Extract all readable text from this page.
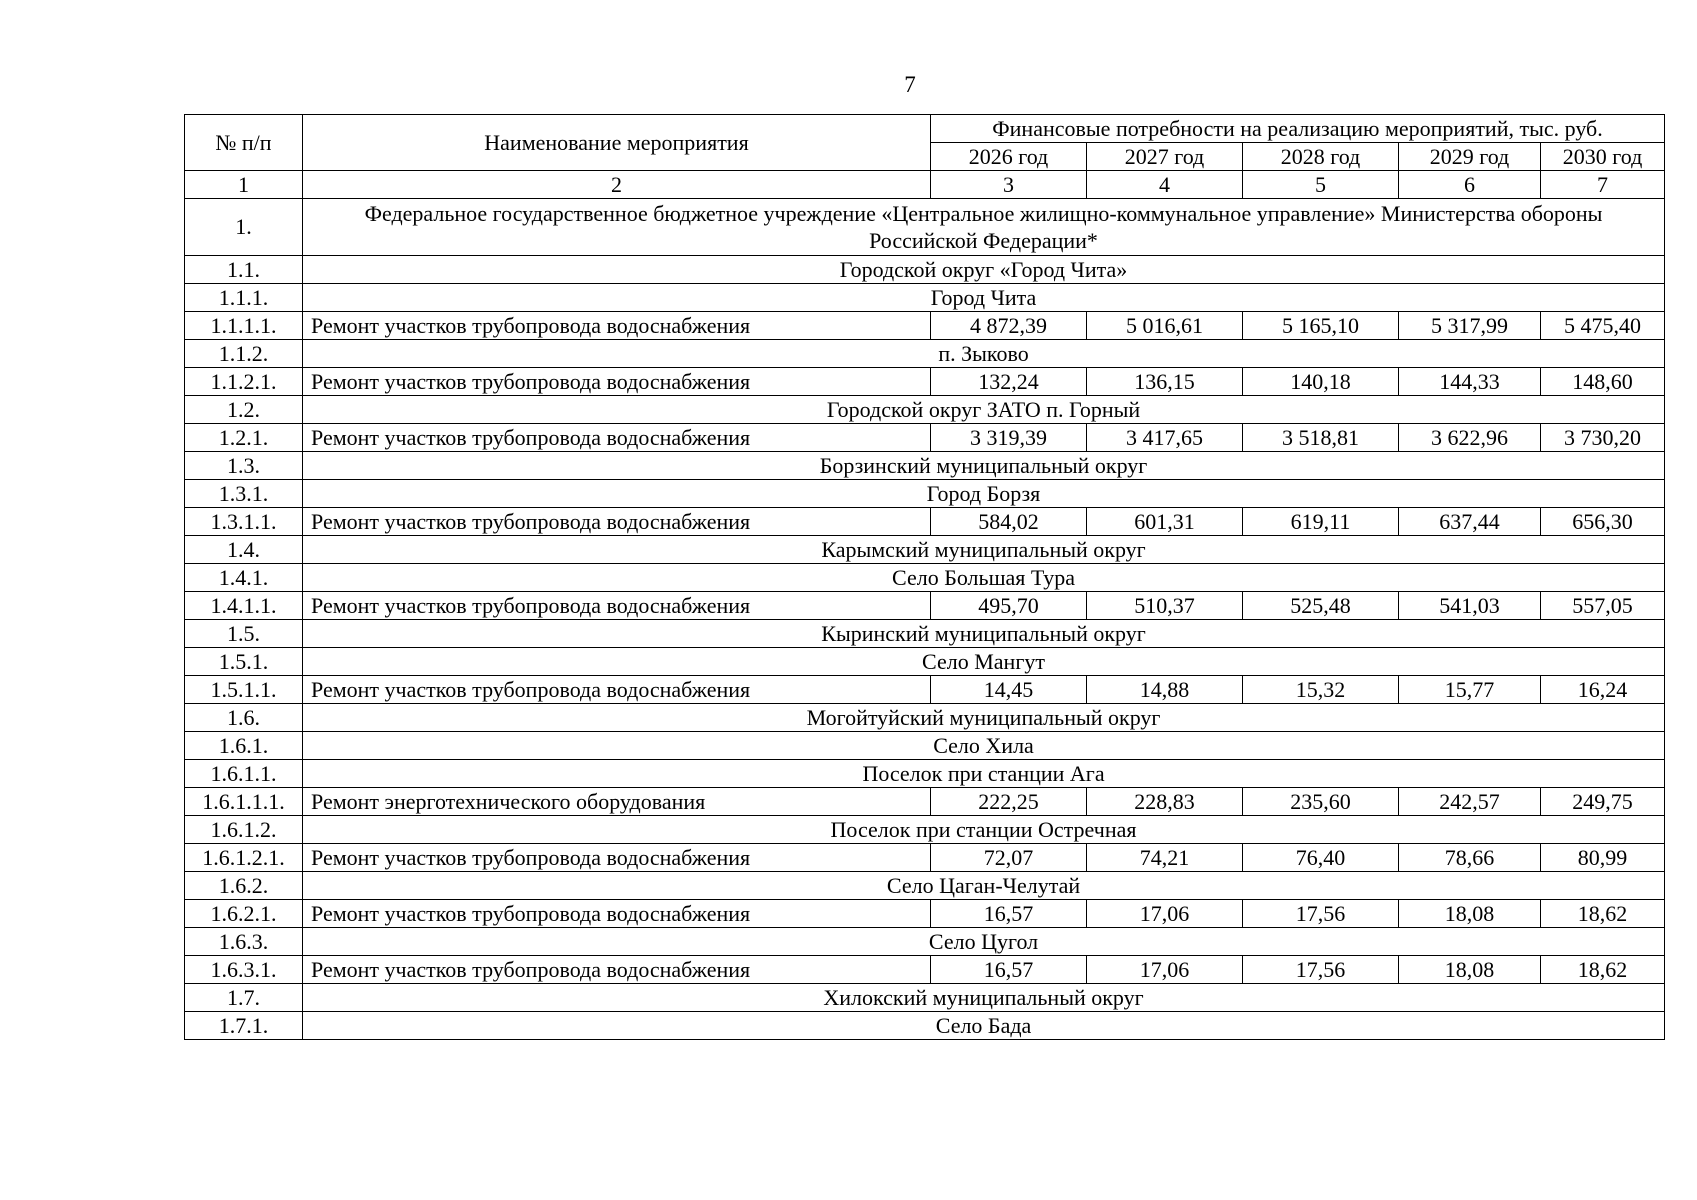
7
№ п/п	Наименование мероприятия	Финансовые потребности на реализацию мероприятий, тыс. руб.				
		2026 год	2027 год	2028 год	2029 год	2030 год
1	2	3	4	5	6	7
1.	Федеральное государственное бюджетное учреждение «Центральное жилищно-коммунальное управление» Министерства обороны Российской Федерации*					
1.1.	Городской округ «Город Чита»					
1.1.1.	Город Чита					
1.1.1.1.	Ремонт участков трубопровода водоснабжения	4 872,39	5 016,61	5 165,10	5 317,99	5 475,40
1.1.2.	п. Зыково					
1.1.2.1.	Ремонт участков трубопровода водоснабжения	132,24	136,15	140,18	144,33	148,60
1.2.	Городской округ ЗАТО п. Горный					
1.2.1.	Ремонт участков трубопровода водоснабжения	3 319,39	3 417,65	3 518,81	3 622,96	3 730,20
1.3.	Борзинский муниципальный округ					
1.3.1.	Город Борзя					
1.3.1.1.	Ремонт участков трубопровода водоснабжения	584,02	601,31	619,11	637,44	656,30
1.4.	Карымский муниципальный округ					
1.4.1.	Село Большая Тура					
1.4.1.1.	Ремонт участков трубопровода водоснабжения	495,70	510,37	525,48	541,03	557,05
1.5.	Кыринский муниципальный округ					
1.5.1.	Село Мангут					
1.5.1.1.	Ремонт участков трубопровода водоснабжения	14,45	14,88	15,32	15,77	16,24
1.6.	Могойтуйский муниципальный округ					
1.6.1.	Село Хила					
1.6.1.1.	Поселок при станции Ага					
1.6.1.1.1.	Ремонт энерготехнического оборудования	222,25	228,83	235,60	242,57	249,75
1.6.1.2.	Поселок при станции Остречная					
1.6.1.2.1.	Ремонт участков трубопровода водоснабжения	72,07	74,21	76,40	78,66	80,99
1.6.2.	Село Цаган-Челутай					
1.6.2.1.	Ремонт участков трубопровода водоснабжения	16,57	17,06	17,56	18,08	18,62
1.6.3.	Село Цугол					
1.6.3.1.	Ремонт участков трубопровода водоснабжения	16,57	17,06	17,56	18,08	18,62
1.7.	Хилокский муниципальный округ					
1.7.1.	Село Бада					
